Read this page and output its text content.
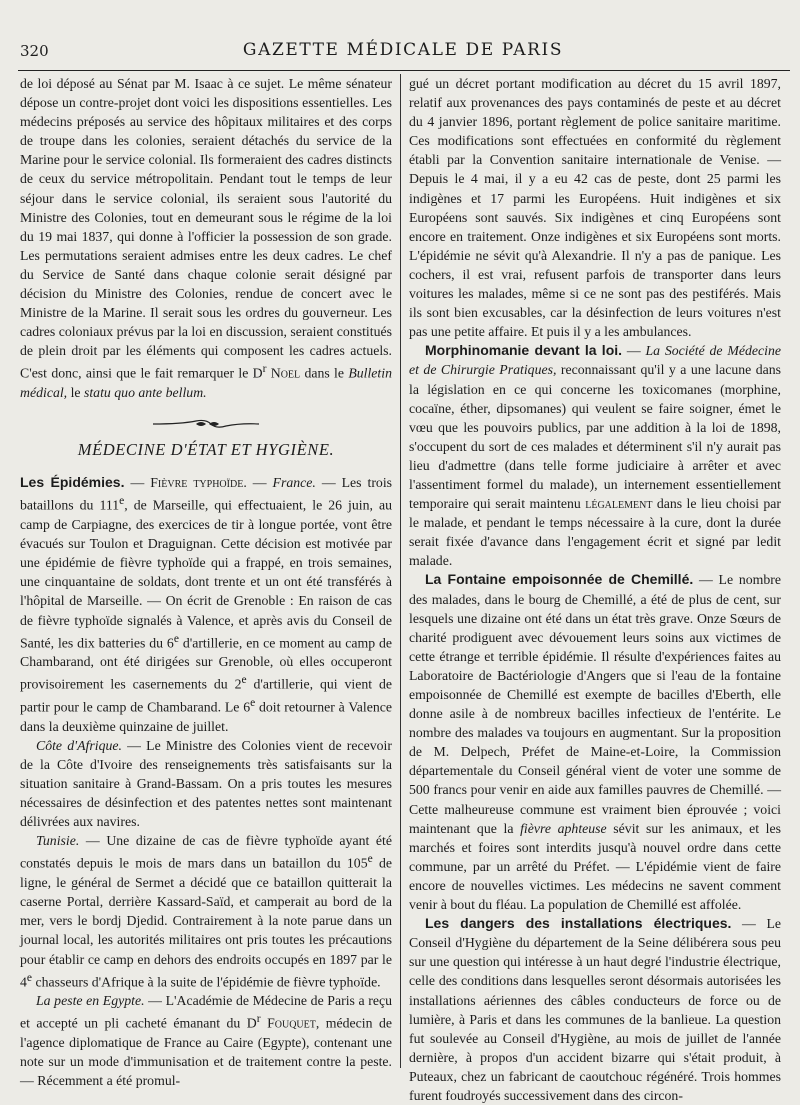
320	GAZETTE MÉDICALE DE PARIS

de loi déposé au Sénat par M. Isaac à ce sujet. Le même sénateur dépose un contre-projet dont voici les dispositions essentielles. Les médecins préposés au service des hôpitaux militaires et des corps de troupe dans les colonies, seraient détachés du service de la Marine pour le service colonial. Ils formeraient des cadres distincts de ceux du service métropolitain. Pendant tout le temps de leur séjour dans le service colonial, ils seraient sous l'autorité du Ministre des Colonies, tout en demeurant sous le régime de la loi du 19 mai 1837, qui donne à l'officier la possession de son grade. Les permutations seraient admises entre les deux cadres. Le chef du Service de Santé dans chaque colonie serait désigné par décision du Ministre des Colonies, rendue de concert avec le Ministre de la Marine. Il serait sous les ordres du gouverneur. Les cadres coloniaux prévus par la loi en discussion, seraient constitués de plein droit par les éléments qui composent les cadres actuels. C'est donc, ainsi que le fait remarquer le $D^r$ Noel dans le Bulletin médical, le statu quo ante bellum.

MÉDECINE D'ÉTAT ET HYGIÈNE.

Les Épidémies. — Fièvre typhoïde. — France. — Les trois bataillons du 111e, de Marseille, qui effectuaient, le 26 juin, au camp de Carpiagne, des exercices de tir à longue portée, vont être évacués sur Toulon et Draguignan. Cette décision est motivée par une épidémie de fièvre typhoïde qui a frappé, en trois semaines, une cinquantaine de soldats, dont trente et un ont été transférés à l'hôpital de Marseille. — On écrit de Grenoble : En raison de cas de fièvre typhoïde signalés à Valence, et après avis du Conseil de Santé, les dix batteries du 6e d'artillerie, en ce moment au camp de Chambarand, ont été dirigées sur Grenoble, où elles occuperont provisoirement les casernements du 2e d'artillerie, qui vient de partir pour le camp de Chambarand. Le 6e doit retourner à Valence dans la deuxième quinzaine de juillet.

Côte d'Afrique. — Le Ministre des Colonies vient de recevoir de la Côte d'Ivoire des renseignements très satisfaisants sur la situation sanitaire à Grand-Bassam. On a pris toutes les mesures nécessaires de désinfection et des patentes nettes sont maintenant délivrées aux navires.

Tunisie. — Une dizaine de cas de fièvre typhoïde ayant été constatés depuis le mois de mars dans un bataillon du 105e de ligne, le général de Sermet a décidé que ce bataillon quitterait la caserne Portal, derrière Kassard-Saïd, et camperait au bord de la mer, vers le bordj Djedid. Contrairement à la note parue dans un journal local, les autorités militaires ont pris toutes les précautions pour établir ce camp en dehors des endroits occupés en 1897 par le 4e chasseurs d'Afrique à la suite de l'épidémie de fièvre typhoïde.

La peste en Egypte. — L'Académie de Médecine de Paris a reçu et accepté un pli cacheté émanant du $D^r$ Fouquet, médecin de l'agence diplomatique de France au Caire (Egypte), contenant une note sur un mode d'immunisation et de traitement contre la peste.— Récemment a été promul-

gué un décret portant modification au décret du 15 avril 1897, relatif aux provenances des pays contaminés de peste et au décret du 4 janvier 1896, portant règlement de police sanitaire maritime. Ces modifications sont effectuées en conformité du règlement établi par la Convention sanitaire internationale de Venise. — Depuis le 4 mai, il y a eu 42 cas de peste, dont 25 parmi les indigènes et 17 parmi les Européens. Huit indigènes et six Européens sont sauvés. Six indigènes et cinq Européens sont encore en traitement. Onze indigènes et six Européens sont morts. L'épidémie ne sévit qu'à Alexandrie. Il n'y a pas de panique. Les cochers, il est vrai, refusent parfois de transporter dans leurs voitures les malades, même si ce ne sont pas des pestiférés. Mais ils sont bien excusables, car la désinfection de leurs voitures n'est pas une petite affaire. Et puis il y a les ambulances.

Morphinomanie devant la loi. — La Société de Médecine et de Chirurgie Pratiques, reconnaissant qu'il y a une lacune dans la législation en ce qui concerne les toxicomanes (morphine, cocaïne, éther, dipsomanes) qui veulent se faire soigner, émet le vœu que les pouvoirs publics, par une addition à la loi de 1898, s'occupent du sort de ces malades et déterminent s'il n'y aurait pas lieu d'admettre (dans telle forme judiciaire à arrêter et avec l'assentiment formel du malade), un internement essentiellement temporaire qui serait maintenu légalement dans le lieu choisi par le malade, et pendant le temps nécessaire à la cure, dont la durée serait fixée d'avance dans l'engagement écrit et signé par ledit malade.

La Fontaine empoisonnée de Chemillé. — Le nombre des malades, dans le bourg de Chemillé, a été de plus de cent, sur lesquels une dizaine ont été dans un état très grave. Onze Sœurs de charité prodiguent avec dévouement leurs soins aux victimes de cette étrange et terrible épidémie. Il résulte d'expériences faites au Laboratoire de Bactériologie d'Angers que si l'eau de la fontaine empoisonnée de Chemillé est exempte de bacilles d'Eberth, elle donne asile à de nombreux bacilles infectieux de l'entérite. Le nombre des malades va toujours en augmentant. Sur la proposition de M. Delpech, Préfet de Maine-et-Loire, la Commission départementale du Conseil général vient de voter une somme de 500 francs pour venir en aide aux familles pauvres de Chemillé. — Cette malheureuse commune est vraiment bien éprouvée ; voici maintenant que la fièvre aphteuse sévit sur les animaux, et les marchés et foires sont interdits jusqu'à nouvel ordre dans cette commune, par un arrêté du Préfet. — L'épidémie vient de faire encore de nouvelles victimes. Les médecins ne savent comment venir à bout du fléau. La population de Chemillé est affolée.

Les dangers des installations électriques. — Le Conseil d'Hygiène du département de la Seine délibérera sous peu sur une question qui intéresse à un haut degré l'industrie électrique, celle des conditions dans lesquelles seront désormais autorisées les installations aériennes des câbles conducteurs de force ou de lumière, à Paris et dans les communes de la banlieue. La question fut soulevée au Conseil d'Hygiène, au mois de juillet de l'année dernière, à propos d'un accident bizarre qui s'était produit, à Puteaux, chez un fabricant de caoutchouc régénéré. Trois hommes furent foudroyés successivement dans des circon-
